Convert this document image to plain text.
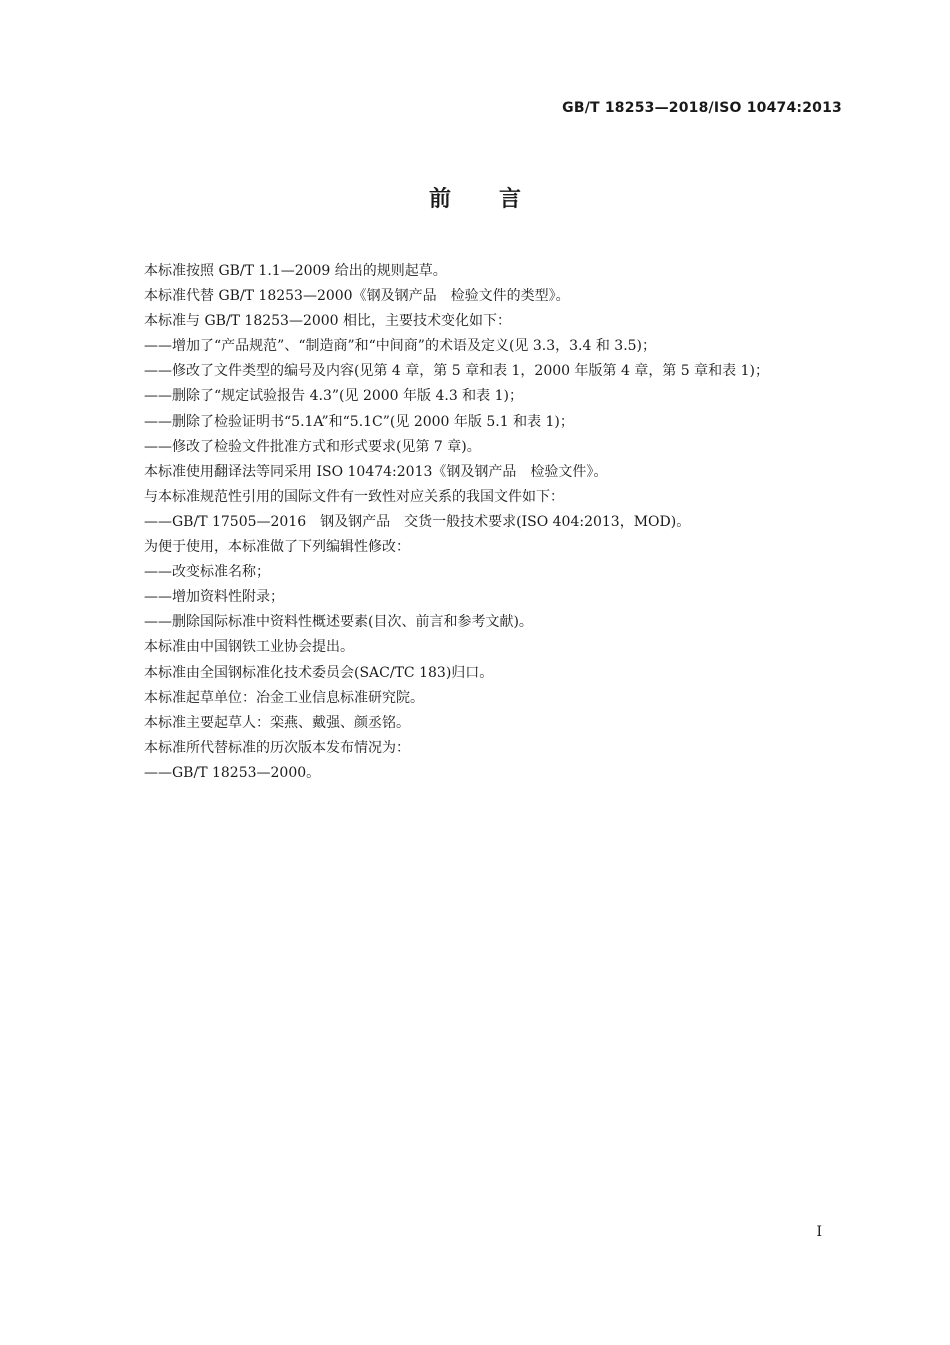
GB/T 18253—2018/ISO 10474:2013
前言
本标准按照 GB/T 1.1—2009 给出的规则起草。
本标准代替 GB/T 18253—2000《钢及钢产品　检验文件的类型》。
本标准与 GB/T 18253—2000 相比，主要技术变化如下：
——增加了“产品规范”、“制造商”和“中间商”的术语及定义(见 3.3，3.4 和 3.5)；
——修改了文件类型的编号及内容(见第 4 章，第 5 章和表 1，2000 年版第 4 章，第 5 章和表 1)；
——删除了“规定试验报告 4.3”(见 2000 年版 4.3 和表 1)；
——删除了检验证明书“5.1A”和“5.1C”(见 2000 年版 5.1 和表 1)；
——修改了检验文件批准方式和形式要求(见第 7 章)。
本标准使用翻译法等同采用 ISO 10474:2013《钢及钢产品　检验文件》。
与本标准规范性引用的国际文件有一致性对应关系的我国文件如下：
——GB/T 17505—2016　钢及钢产品　交货一般技术要求(ISO 404:2013，MOD)。
为便于使用，本标准做了下列编辑性修改：
——改变标准名称；
——增加资料性附录；
——删除国际标准中资料性概述要素(目次、前言和参考文献)。
本标准由中国钢铁工业协会提出。
本标准由全国钢标准化技术委员会(SAC/TC 183)归口。
本标准起草单位：冶金工业信息标准研究院。
本标准主要起草人：栾燕、戴强、颜丞铭。
本标准所代替标准的历次版本发布情况为：
——GB/T 18253—2000。
I
